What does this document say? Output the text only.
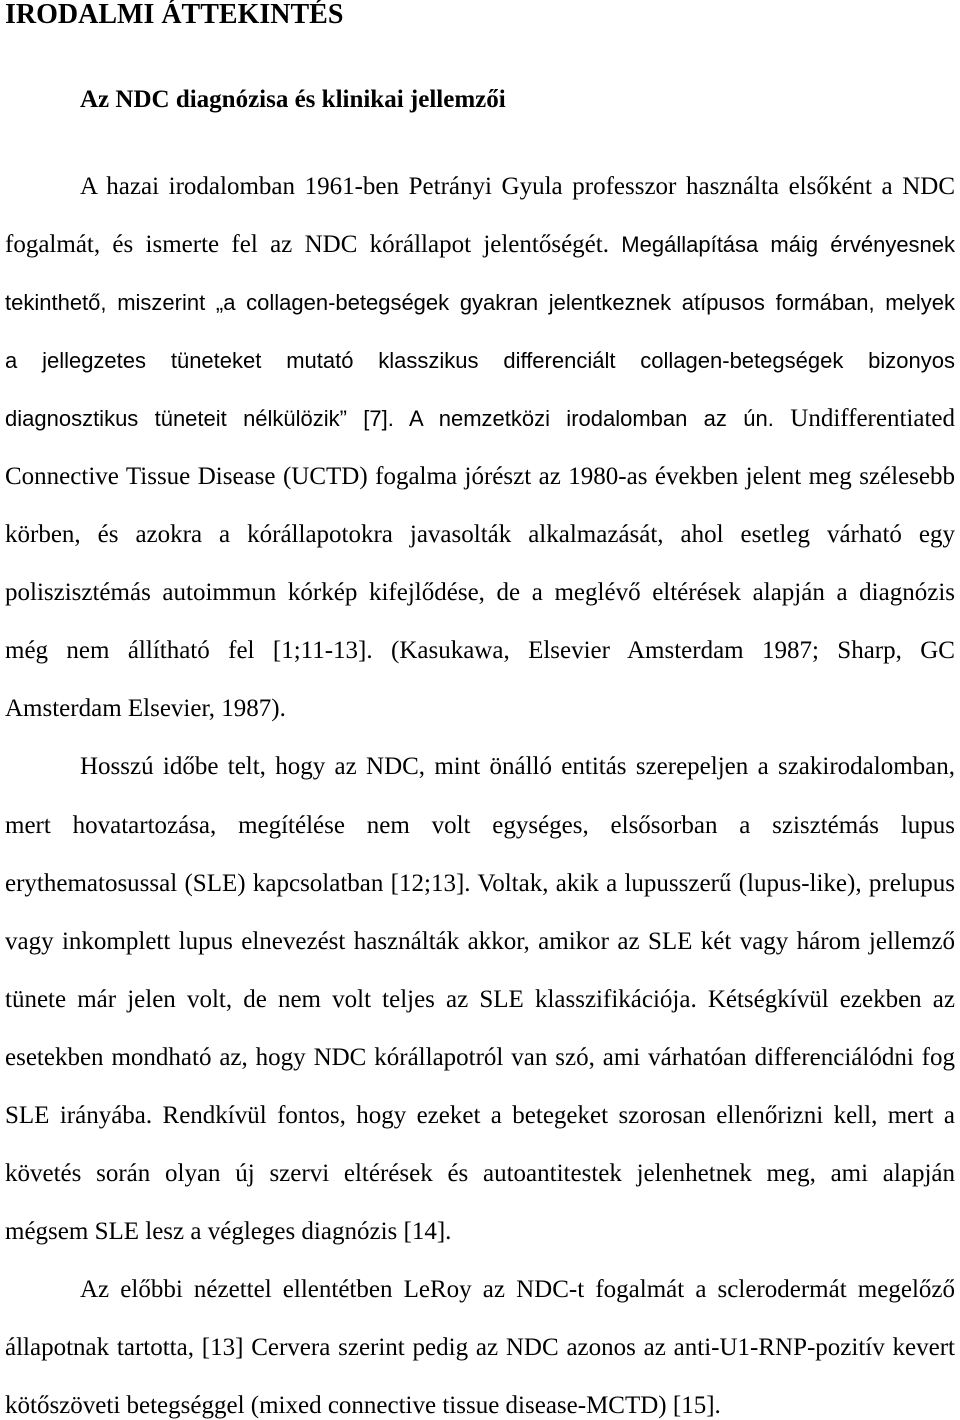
IRODALMI ÁTTEKINTÉS
Az NDC diagnózisa és klinikai jellemzői
A hazai irodalomban 1961-ben Petrányi Gyula professzor használta elsőként a NDC
fogalmát, és ismerte fel az NDC kórállapot jelentőségét. Megállapítása máig érvényesnek
tekinthető, miszerint „a collagen-betegségek gyakran jelentkeznek atípusos formában, melyek
a jellegzetes tüneteket mutató klasszikus differenciált collagen-betegségek bizonyos
diagnosztikus tüneteit nélkülözik” [7]. A nemzetközi irodalomban az ún. Undifferentiated
Connective Tissue Disease (UCTD) fogalma jórészt az 1980-as években jelent meg szélesebb
körben, és azokra a kórállapotokra javasolták alkalmazását, ahol esetleg várható egy
poliszisztémás autoimmun kórkép kifejlődése, de a meglévő eltérések alapján a diagnózis
még nem állítható fel [1;11-13]. (Kasukawa, Elsevier Amsterdam 1987; Sharp, GC
Amsterdam Elsevier, 1987).
Hosszú időbe telt, hogy az NDC, mint önálló entitás szerepeljen a szakirodalomban,
mert hovatartozása, megítélése nem volt egységes, elsősorban a szisztémás lupus
erythematosussal (SLE) kapcsolatban [12;13]. Voltak, akik a lupusszerű (lupus-like), prelupus
vagy inkomplett lupus elnevezést használták akkor, amikor az SLE két vagy három jellemző
tünete már jelen volt, de nem volt teljes az SLE klasszifikációja. Kétségkívül ezekben az
esetekben mondható az, hogy NDC kórállapotról van szó, ami várhatóan differenciálódni fog
SLE irányába. Rendkívül fontos, hogy ezeket a betegeket szorosan ellenőrizni kell, mert a
követés során olyan új szervi eltérések és autoantitestek jelenhetnek meg, ami alapján
mégsem SLE lesz a végleges diagnózis [14].
Az előbbi nézettel ellentétben LeRoy az NDC-t fogalmát a sclerodermát megelőző
állapotnak tartotta, [13] Cervera szerint pedig az NDC azonos az anti-U1-RNP-pozitív kevert
kötőszöveti betegséggel (mixed connective tissue disease-MCTD) [15].
